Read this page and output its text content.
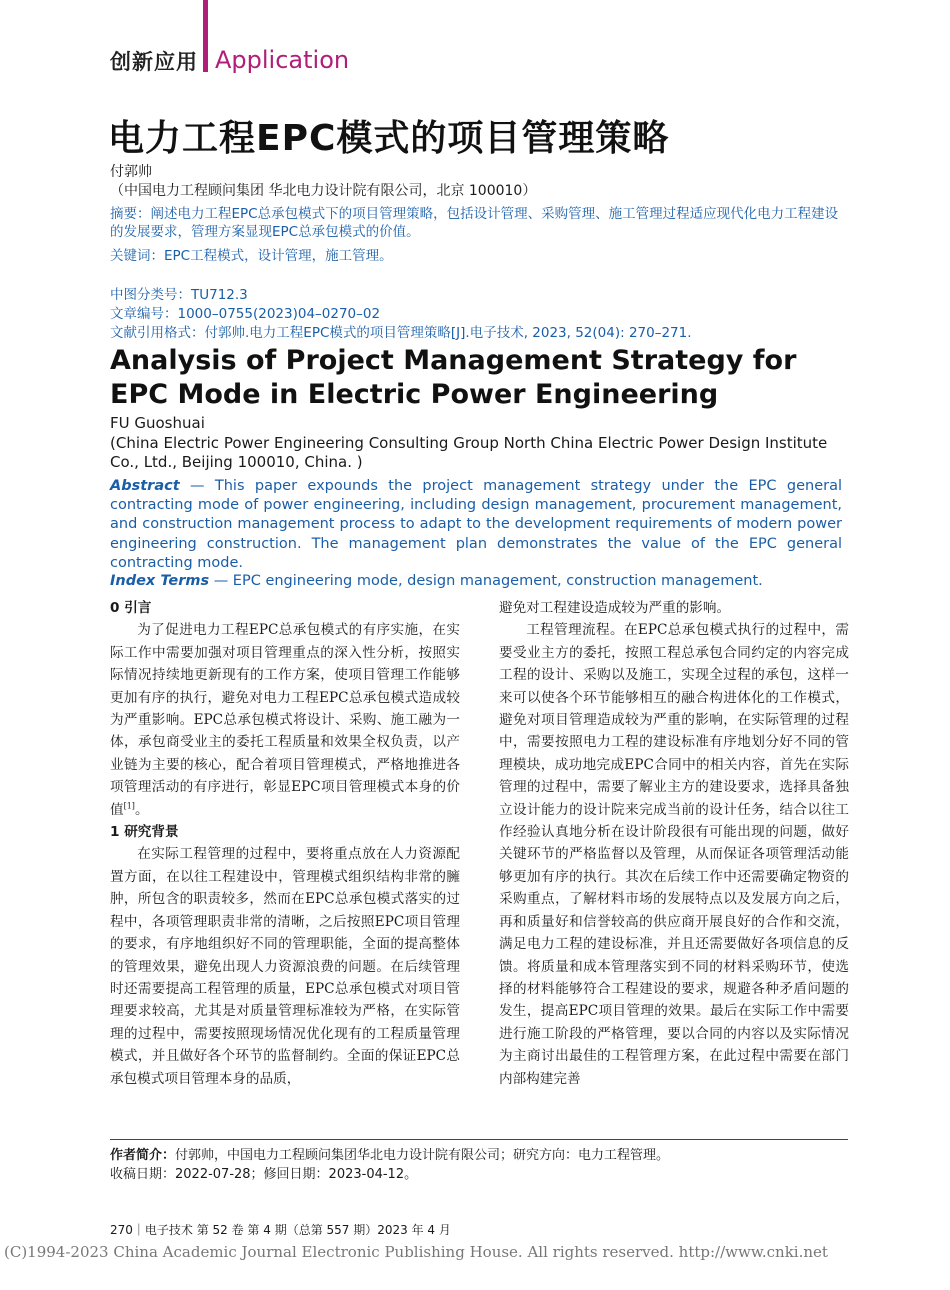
创新应用 Application
电力工程EPC模式的项目管理策略
付郭帅
（中国电力工程顾问集团 华北电力设计院有限公司，北京 100010）
摘要：阐述电力工程EPC总承包模式下的项目管理策略，包括设计管理、采购管理、施工管理过程适应现代化电力工程建设的发展要求，管理方案显现EPC总承包模式的价值。
关键词：EPC工程模式，设计管理，施工管理。
中图分类号：TU712.3
文章编号：1000–0755(2023)04–0270–02
文献引用格式：付郭帅.电力工程EPC模式的项目管理策略[J].电子技术, 2023, 52(04): 270–271.
Analysis of Project Management Strategy for EPC Mode in Electric Power Engineering
FU Guoshuai
(China Electric Power Engineering Consulting Group North China Electric Power Design Institute Co., Ltd., Beijing 100010, China. )
Abstract — This paper expounds the project management strategy under the EPC general contracting mode of power engineering, including design management, procurement management, and construction management process to adapt to the development requirements of modern power engineering construction. The management plan demonstrates the value of the EPC general contracting mode.
Index Terms — EPC engineering mode, design management, construction management.
0 引言

为了促进电力工程EPC总承包模式的有序实施，在实际工作中需要加强对项目管理重点的深入性分析，按照实际情况持续地更新现有的工作方案，使项目管理工作能够更加有序的执行，避免对电力工程EPC总承包模式造成较为严重影响。EPC总承包模式将设计、采购、施工融为一体，承包商受业主的委托工程质量和效果全权负责，以产业链为主要的核心，配合着项目管理模式，严格地推进各项管理活动的有序进行，彰显EPC项目管理模式本身的价值[1]。

1 研究背景

在实际工程管理的过程中，要将重点放在人力资源配置方面，在以往工程建设中，管理模式组织结构非常的臃肿，所包含的职责较多，然而在EPC总承包模式落实的过程中，各项管理职责非常的清晰，之后按照EPC项目管理的要求，有序地组织好不同的管理职能，全面的提高整体的管理效果，避免出现人力资源浪费的问题。在后续管理时还需要提高工程管理的质量，EPC总承包模式对项目管理要求较高，尤其是对质量管理标准较为严格，在实际管理的过程中，需要按照现场情况优化现有的工程质量管理模式，并且做好各个环节的监督制约。全面的保证EPC总承包模式项目管理本身的品质，

避免对工程建设造成较为严重的影响。

工程管理流程。在EPC总承包模式执行的过程中，需要受业主方的委托，按照工程总承包合同约定的内容完成工程的设计、采购以及施工，实现全过程的承包，这样一来可以使各个环节能够相互的融合构进体化的工作模式，避免对项目管理造成较为严重的影响，在实际管理的过程中，需要按照电力工程的建设标准有序地划分好不同的管理模块，成功地完成EPC合同中的相关内容，首先在实际管理的过程中，需要了解业主方的建设要求，选择具备独立设计能力的设计院来完成当前的设计任务，结合以往工作经验认真地分析在设计阶段很有可能出现的问题，做好关键环节的严格监督以及管理，从而保证各项管理活动能够更加有序的执行。其次在后续工作中还需要确定物资的采购重点，了解材料市场的发展特点以及发展方向之后，再和质量好和信誉较高的供应商开展良好的合作和交流，满足电力工程的建设标准，并且还需要做好各项信息的反馈。将质量和成本管理落实到不同的材料采购环节，使选择的材料能够符合工程建设的要求，规避各种矛盾问题的发生，提高EPC项目管理的效果。最后在实际工作中需要进行施工阶段的严格管理，要以合同的内容以及实际情况为主商讨出最佳的工程管理方案，在此过程中需要在部门内部构建完善

作者简介：付郭帅，中国电力工程顾问集团华北电力设计院有限公司；研究方向：电力工程管理。
收稿日期：2022-07-28；修回日期：2023-04-12。
270｜电子技术 第 52 卷 第 4 期（总第 557 期）2023 年 4 月
(C)1994-2023 China Academic Journal Electronic Publishing House. All rights reserved. http://www.cnki.net
